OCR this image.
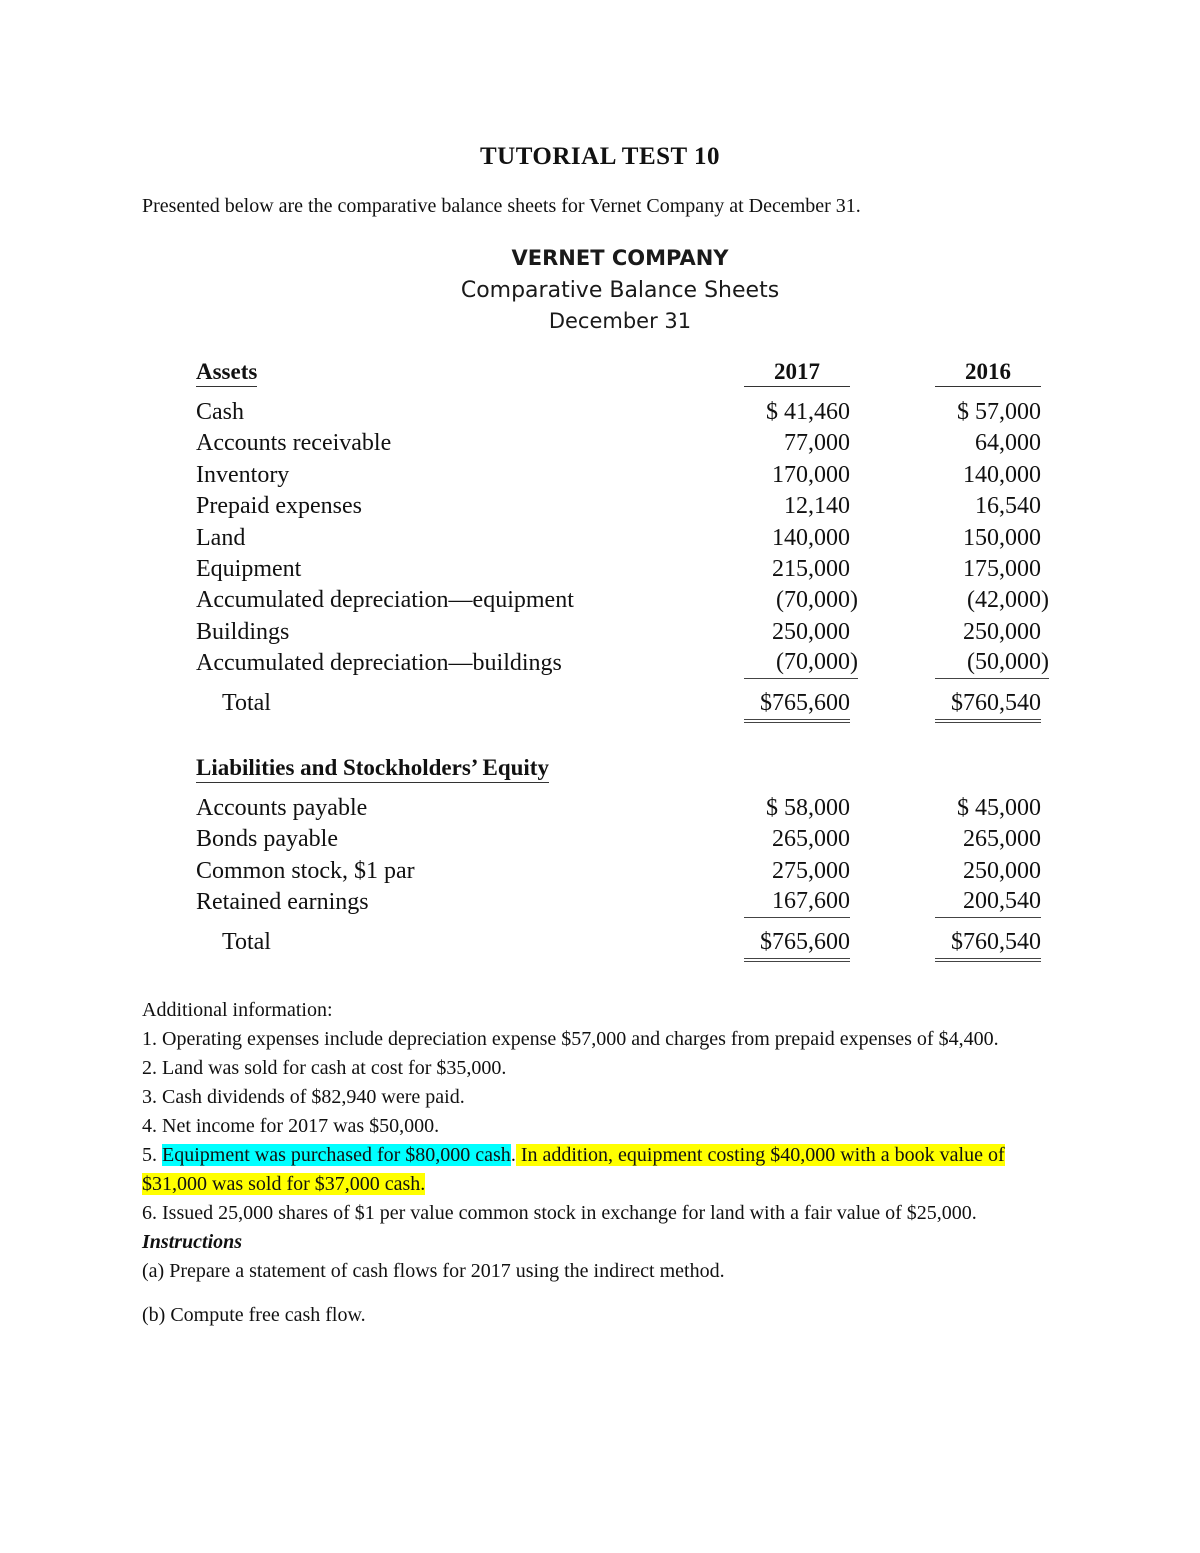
TUTORIAL TEST 10
Presented below are the comparative balance sheets for Vernet Company at December 31.
VERNET COMPANY
Comparative Balance Sheets
December 31
Assets	2017	2016
Cash	$ 41,460	$ 57,000
Accounts receivable	77,000	64,000
Inventory	170,000	140,000
Prepaid expenses	12,140	16,540
Land	140,000	150,000
Equipment	215,000	175,000
Accumulated depreciation—equipment	(70,000)	(42,000)
Buildings	250,000	250,000
Accumulated depreciation—buildings	(70,000)	(50,000)
Total	$765,600	$760,540
Liabilities and Stockholders’ Equity
Accounts payable	$ 58,000	$ 45,000
Bonds payable	265,000	265,000
Common stock, $1 par	275,000	250,000
Retained earnings	167,600	200,540
Total	$765,600	$760,540

Additional information:

1. Operating expenses include depreciation expense $57,000 and charges from prepaid expenses of $4,400.

2. Land was sold for cash at cost for $35,000.

3. Cash dividends of $82,940 were paid.

4. Net income for 2017 was $50,000.

5. Equipment was purchased for $80,000 cash. In addition, equipment costing $40,000 with a book value of $31,000 was sold for $37,000 cash.

6. Issued 25,000 shares of $1 per value common stock in exchange for land with a fair value of $25,000.

Instructions

(a) Prepare a statement of cash flows for 2017 using the indirect method.

(b) Compute free cash flow.
